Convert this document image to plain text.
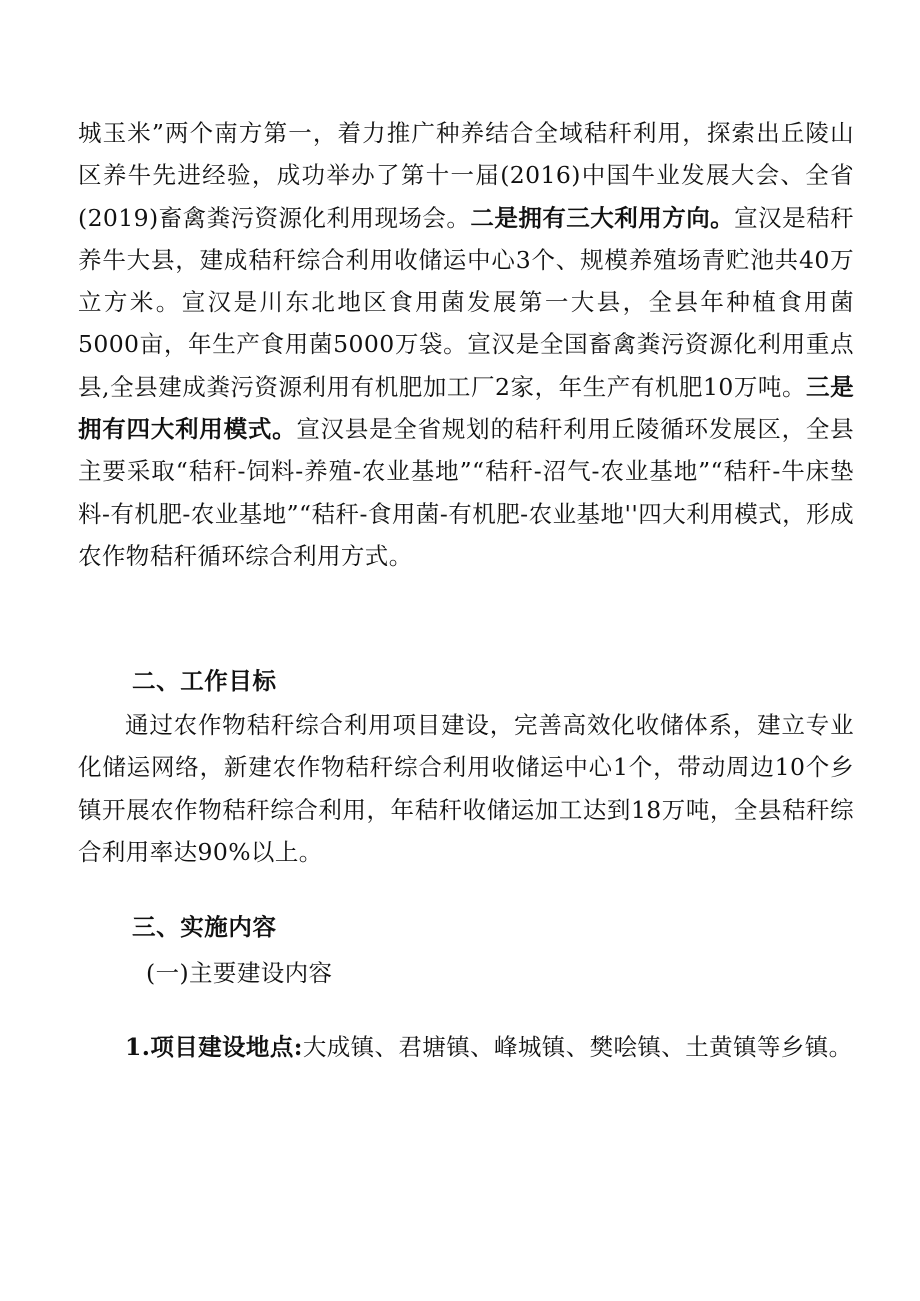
城玉米”两个南方第一，着力推广种养结合全域秸秆利用，探索出丘陵山区养牛先进经验，成功举办了第十一届(2016)中国牛业发展大会、全省(2019)畜禽粪污资源化利用现场会。二是拥有三大利用方向。宣汉是秸秆养牛大县，建成秸秆综合利用收储运中心3个、规模养殖场青贮池共40万立方米。宣汉是川东北地区食用菌发展第一大县，全县年种植食用菌5000亩，年生产食用菌5000万袋。宣汉是全国畜禽粪污资源化利用重点县,全县建成粪污资源利用有机肥加工厂2家，年生产有机肥10万吨。三是拥有四大利用模式。宣汉县是全省规划的秸秆利用丘陵循环发展区，全县主要采取“秸秆-饲料-养殖-农业基地”“秸秆-沼气-农业基地”“秸秆-牛床垫料-有机肥-农业基地”“秸秆-食用菌-有机肥-农业基地''四大利用模式，形成农作物秸秆循环综合利用方式。

二、工作目标

通过农作物秸秆综合利用项目建设，完善高效化收储体系，建立专业化储运网络，新建农作物秸秆综合利用收储运中心1个，带动周边10个乡镇开展农作物秸秆综合利用，年秸秆收储运加工达到18万吨，全县秸秆综合利用率达90%以上。

三、实施内容

(一)主要建设内容

1.项目建设地点:大成镇、君塘镇、峰城镇、樊哙镇、土黄镇等乡镇。
